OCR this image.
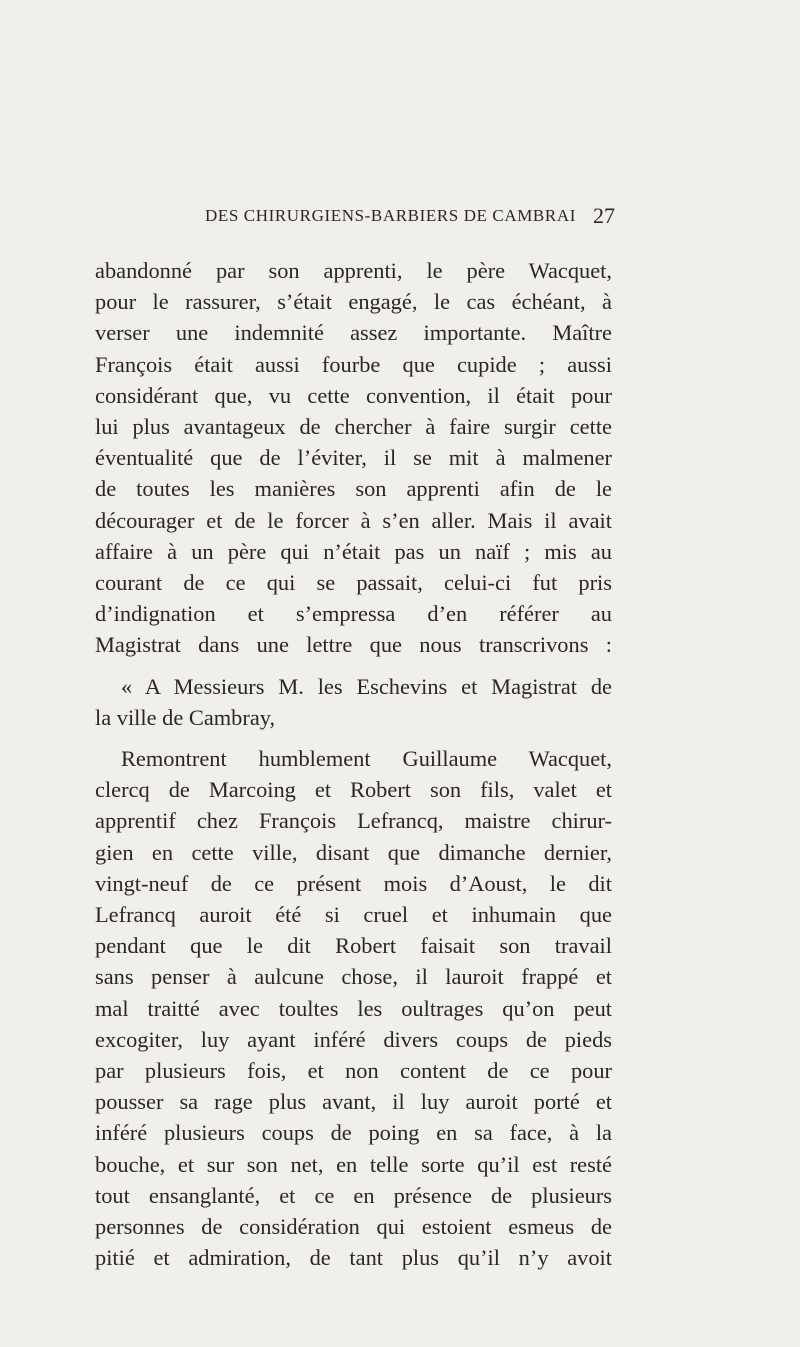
DES CHIRURGIENS-BARBIERS DE CAMBRAI 27

abandonné par son apprenti, le père Wacquet,
pour le rassurer, s’était engagé, le cas échéant, à
verser une indemnité assez importante. Maître
François était aussi fourbe que cupide ; aussi
considérant que, vu cette convention, il était pour
lui plus avantageux de chercher à faire surgir cette
éventualité que de l’éviter, il se mit à malmener
de toutes les manières son apprenti afin de le
décourager et de le forcer à s’en aller. Mais il avait
affaire à un père qui n’était pas un naïf ; mis au
courant de ce qui se passait, celui-ci fut pris
d’indignation et s’empressa d’en référer au
Magistrat dans une lettre que nous transcrivons :

« A Messieurs M. les Eschevins et Magistrat de
la ville de Cambray,

Remontrent humblement Guillaume Wacquet,
clercq de Marcoing et Robert son fils, valet et
apprentif chez François Lefrancq, maistre chirur-
gien en cette ville, disant que dimanche dernier,
vingt-neuf de ce présent mois d’Aoust, le dit
Lefrancq auroit été si cruel et inhumain que
pendant que le dit Robert faisait son travail
sans penser à aulcune chose, il lauroit frappé et
mal traitté avec toultes les oultrages qu’on peut
excogiter, luy ayant inféré divers coups de pieds
par plusieurs fois, et non content de ce pour
pousser sa rage plus avant, il luy auroit porté et
inféré plusieurs coups de poing en sa face, à la
bouche, et sur son net, en telle sorte qu’il est resté
tout ensanglanté, et ce en présence de plusieurs
personnes de considération qui estoient esmeus de
pitié et admiration, de tant plus qu’il n’y avoit
